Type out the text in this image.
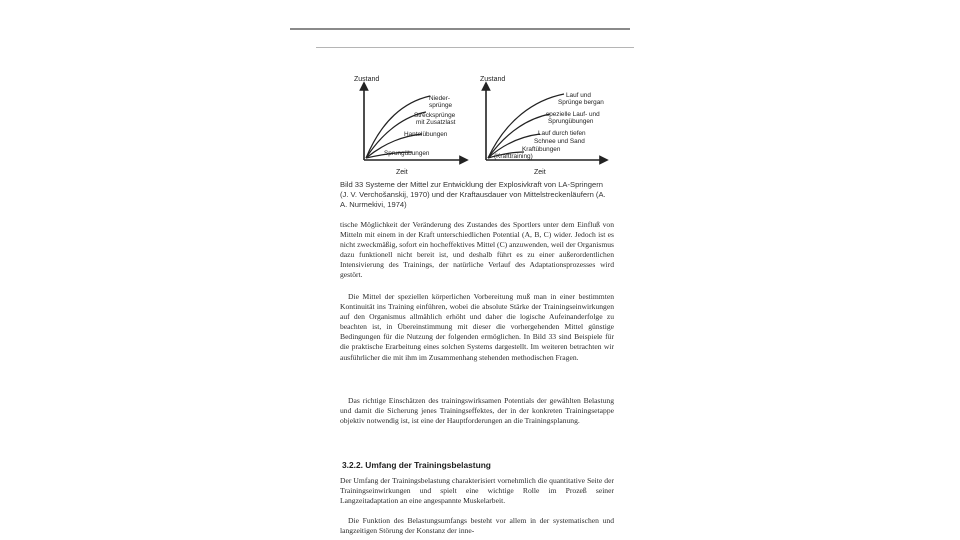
Zustand
Zeit
Nieder-
sprünge
Strecksprünge
mit Zusatzlast
Hantelübungen
Sprungübungen
Zustand
Zeit
Lauf und
Sprünge bergan
spezielle Lauf- und
Sprungübungen
Lauf durch tiefen
Schnee und Sand
Kraftübungen
(Krafttraining)
Bild 33 Systeme der Mittel zur Entwicklung der Explosivkraft von LA-Springern (J. V. Verchošanskij, 1970) und der Kraftausdauer von Mittelstreckenläufern (A. A. Nurmekivi, 1974)
tische Möglichkeit der Veränderung des Zustandes des Sportlers unter dem Einfluß von Mitteln mit einem in der Kraft unterschiedlichen Potential (A, B, C) wider. Jedoch ist es nicht zweckmäßig, sofort ein hocheffektives Mittel (C) anzuwenden, weil der Organismus dazu funktionell nicht bereit ist, und deshalb führt es zu einer außerordentlichen Intensivierung des Trainings, der natürliche Verlauf des Adaptationsprozesses wird gestört.
Die Mittel der speziellen körperlichen Vorbereitung muß man in einer bestimmten Kontinuität ins Training einführen, wobei die absolute Stärke der Trainingseinwirkungen auf den Organismus allmählich erhöht und daher die logische Aufeinanderfolge zu beachten ist, in Übereinstimmung mit dieser die vorhergehenden Mittel günstige Bedingungen für die Nutzung der folgenden ermöglichen. In Bild 33 sind Beispiele für die praktische Erarbeitung eines solchen Systems dargestellt. Im weiteren betrachten wir ausführlicher die mit ihm im Zusammenhang stehenden methodischen Fragen.
Das richtige Einschätzen des trainingswirksamen Potentials der gewählten Belastung und damit die Sicherung jenes Trainingseffektes, der in der konkreten Trainingsetappe objektiv notwendig ist, ist eine der Hauptforderungen an die Trainingsplanung.
3.2.2. Umfang der Trainingsbelastung
Der Umfang der Trainingsbelastung charakterisiert vornehmlich die quantitative Seite der Trainingseinwirkungen und spielt eine wichtige Rolle im Prozeß seiner Langzeitadaptation an eine angespannte Muskelarbeit.
Die Funktion des Belastungsumfangs besteht vor allem in der systematischen und langzeitigen Störung der Konstanz der inne-
